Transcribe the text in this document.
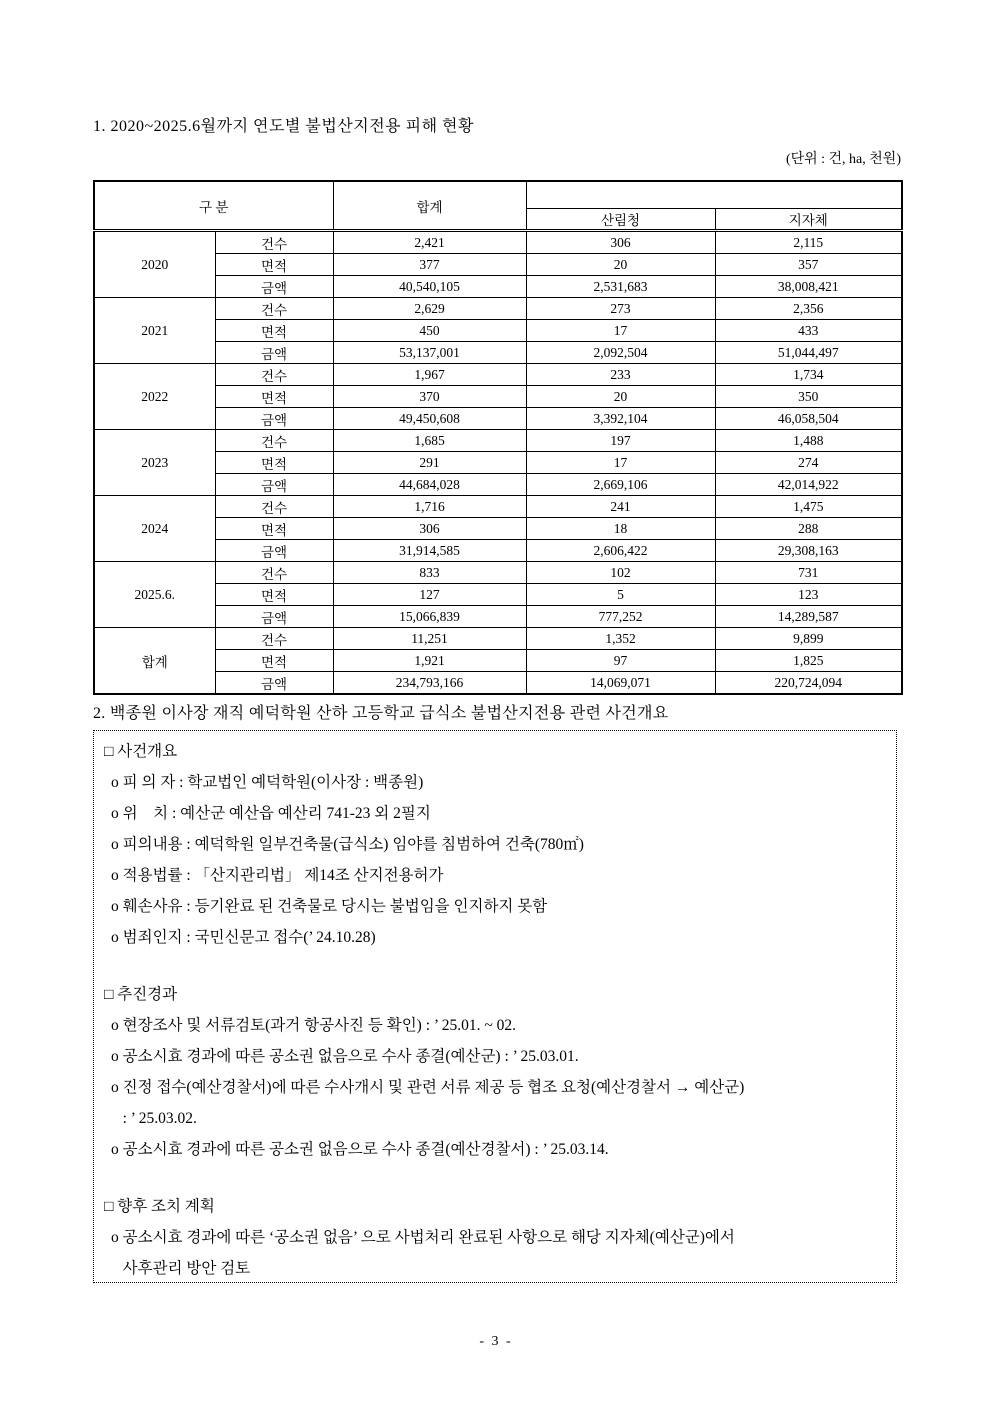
1. 2020~2025.6월까지 연도별 불법산지전용 피해 현황
(단위 : 건, ha, 천원)
구 분		합계		
			산림청	지자체
2020	건수	2,421	306	2,115
	면적	377	20	357
	금액	40,540,105	2,531,683	38,008,421
2021	건수	2,629	273	2,356
	면적	450	17	433
	금액	53,137,001	2,092,504	51,044,497
2022	건수	1,967	233	1,734
	면적	370	20	350
	금액	49,450,608	3,392,104	46,058,504
2023	건수	1,685	197	1,488
	면적	291	17	274
	금액	44,684,028	2,669,106	42,014,922
2024	건수	1,716	241	1,475
	면적	306	18	288
	금액	31,914,585	2,606,422	29,308,163
2025.6.	건수	833	102	731
	면적	127	5	123
	금액	15,066,839	777,252	14,289,587
합계	건수	11,251	1,352	9,899
	면적	1,921	97	1,825
	금액	234,793,166	14,069,071	220,724,094
2. 백종원 이사장 재직 예덕학원 산하 고등학교 급식소 불법산지전용 관련 사건개요
□ 사건개요
o 피 의 자 : 학교법인 예덕학원(이사장 : 백종원)
o 위    치 : 예산군 예산읍 예산리 741-23 외 2필지
o 피의내용 : 예덕학원 일부건축물(급식소) 임야를 침범하여 건축(780㎡)
o 적용법률 : 「산지관리법」 제14조 산지전용허가
o 훼손사유 : 등기완료 된 건축물로 당시는 불법임을 인지하지 못함
o 범죄인지 : 국민신문고 접수(’ 24.10.28)
□ 추진경과
o 현장조사 및 서류검토(과거 항공사진 등 확인) : ’ 25.01. ~ 02.
o 공소시효 경과에 따른 공소권 없음으로 수사 종결(예산군) : ’ 25.03.01.
o 진정 접수(예산경찰서)에 따른 수사개시 및 관련 서류 제공 등 협조 요청(예산경찰서 → 예산군)
: ’ 25.03.02.
o 공소시효 경과에 따른 공소권 없음으로 수사 종결(예산경찰서) : ’ 25.03.14.
□ 향후 조치 계획
o 공소시효 경과에 따른 ‘공소권 없음’ 으로 사법처리 완료된 사항으로 해당 지자체(예산군)에서
사후관리 방안 검토
- 3 -
